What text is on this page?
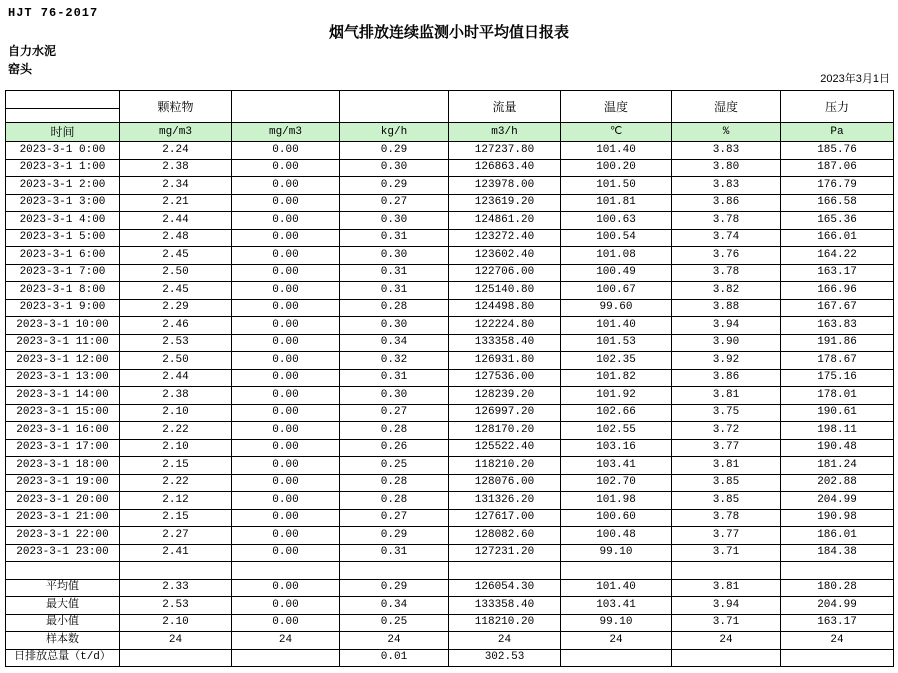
HJT 76-2017
烟气排放连续监测小时平均值日报表
自力水泥
窑头
2023年3月1日
	颗粒物			流量	温度	湿度	压力

时间	mg/m3	mg/m3	kg/h	m3/h	℃	%	Pa
2023-3-1 0:00	2.24	0.00	0.29	127237.80	101.40	3.83	185.76
2023-3-1 1:00	2.38	0.00	0.30	126863.40	100.20	3.80	187.06
2023-3-1 2:00	2.34	0.00	0.29	123978.00	101.50	3.83	176.79
2023-3-1 3:00	2.21	0.00	0.27	123619.20	101.81	3.86	166.58
2023-3-1 4:00	2.44	0.00	0.30	124861.20	100.63	3.78	165.36
2023-3-1 5:00	2.48	0.00	0.31	123272.40	100.54	3.74	166.01
2023-3-1 6:00	2.45	0.00	0.30	123602.40	101.08	3.76	164.22
2023-3-1 7:00	2.50	0.00	0.31	122706.00	100.49	3.78	163.17
2023-3-1 8:00	2.45	0.00	0.31	125140.80	100.67	3.82	166.96
2023-3-1 9:00	2.29	0.00	0.28	124498.80	99.60	3.88	167.67
2023-3-1 10:00	2.46	0.00	0.30	122224.80	101.40	3.94	163.83
2023-3-1 11:00	2.53	0.00	0.34	133358.40	101.53	3.90	191.86
2023-3-1 12:00	2.50	0.00	0.32	126931.80	102.35	3.92	178.67
2023-3-1 13:00	2.44	0.00	0.31	127536.00	101.82	3.86	175.16
2023-3-1 14:00	2.38	0.00	0.30	128239.20	101.92	3.81	178.01
2023-3-1 15:00	2.10	0.00	0.27	126997.20	102.66	3.75	190.61
2023-3-1 16:00	2.22	0.00	0.28	128170.20	102.55	3.72	198.11
2023-3-1 17:00	2.10	0.00	0.26	125522.40	103.16	3.77	190.48
2023-3-1 18:00	2.15	0.00	0.25	118210.20	103.41	3.81	181.24
2023-3-1 19:00	2.22	0.00	0.28	128076.00	102.70	3.85	202.88
2023-3-1 20:00	2.12	0.00	0.28	131326.20	101.98	3.85	204.99
2023-3-1 21:00	2.15	0.00	0.27	127617.00	100.60	3.78	190.98
2023-3-1 22:00	2.27	0.00	0.29	128082.60	100.48	3.77	186.01
2023-3-1 23:00	2.41	0.00	0.31	127231.20	99.10	3.71	184.38

平均值	2.33	0.00	0.29	126054.30	101.40	3.81	180.28
最大值	2.53	0.00	0.34	133358.40	103.41	3.94	204.99
最小值	2.10	0.00	0.25	118210.20	99.10	3.71	163.17
样本数	24	24	24	24	24	24	24
日排放总量（t/d）			0.01	302.53			
